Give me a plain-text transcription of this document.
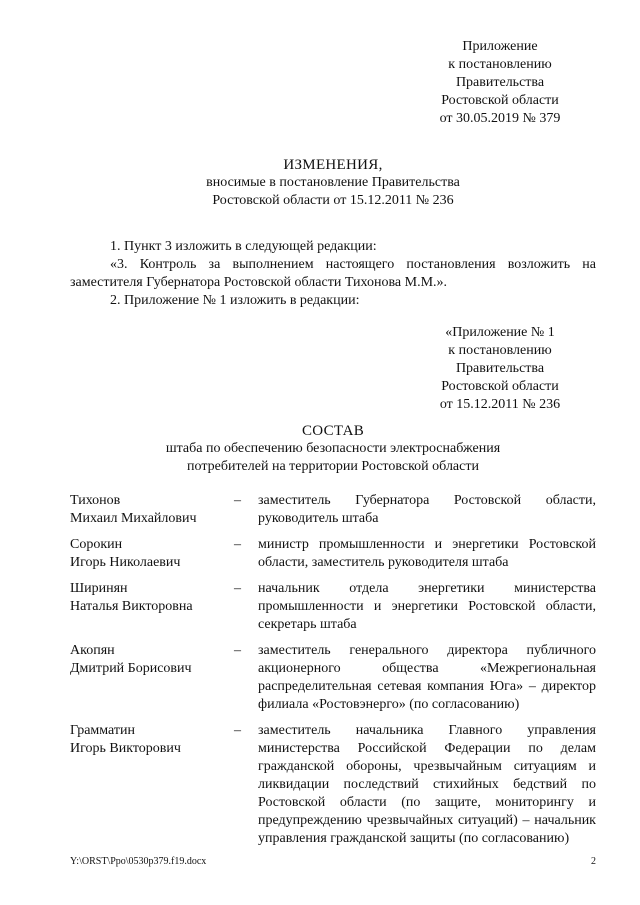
Приложение
к постановлению
Правительства
Ростовской области
от 30.05.2019 № 379
ИЗМЕНЕНИЯ,
вносимые в постановление Правительства
Ростовской области от 15.12.2011 № 236

1. Пункт 3 изложить в следующей редакции:

«3. Контроль за выполнением настоящего постановления возложить на заместителя Губернатора Ростовской области Тихонова М.М.».

2. Приложение № 1 изложить в редакции:

«Приложение № 1
к постановлению
Правительства
Ростовской области
от 15.12.2011 № 236
СОСТАВ
штаба по обеспечению безопасности электроснабжения
потребителей на территории Ростовской области
Тихонов
Михаил Михайлович
–	заместитель Губернатора Ростовской области, руководитель штаба
Сорокин
Игорь Николаевич
–	министр промышленности и энергетики Ростовской области, заместитель руководителя штаба
Ширинян
Наталья Викторовна
–	начальник отдела энергетики министерства промышленности и энергетики Ростовской области, секретарь штаба
Акопян
Дмитрий Борисович
–	заместитель генерального директора публичного акционерного общества «Межрегиональная распределительная сетевая компания Юга» – директор филиала «Ростовэнерго» (по согласованию)
Грамматин
Игорь Викторович
–	заместитель начальника Главного управления министерства Российской Федерации по делам гражданской обороны, чрезвычайным ситуациям и ликвидации последствий стихийных бедствий по Ростовской области (по защите, мониторингу и предупреждению чрезвычайных ситуаций) – начальник управления гражданской защиты (по согласованию)
Y:\ORST\Ppo\0530p379.f19.docx	2
